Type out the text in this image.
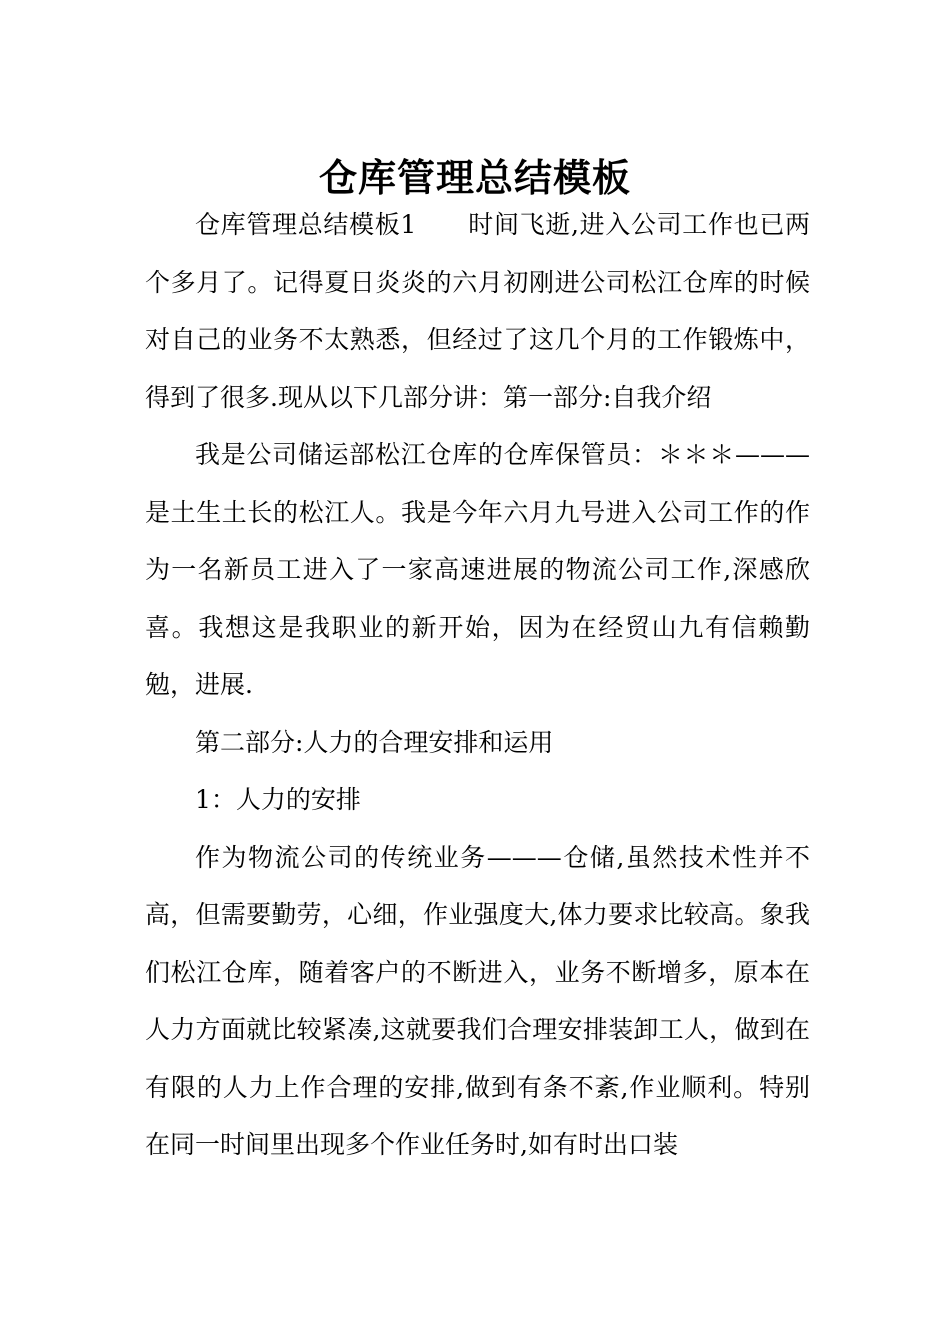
仓库管理总结模板

仓库管理总结模板1　　时间飞逝,进入公司工作也已两个多月了。记得夏日炎炎的六月初刚进公司松江仓库的时候对自己的业务不太熟悉，但经过了这几个月的工作锻炼中，得到了很多.现从以下几部分讲：第一部分:自我介绍

我是公司储运部松江仓库的仓库保管员：＊＊＊———是土生土长的松江人。我是今年六月九号进入公司工作的作为一名新员工进入了一家高速进展的物流公司工作,深感欣喜。我想这是我职业的新开始，因为在经贸山九有信赖勤勉，进展.

第二部分:人力的合理安排和运用

1：人力的安排

作为物流公司的传统业务———仓储,虽然技术性并不高，但需要勤劳，心细，作业强度大,体力要求比较高。象我们松江仓库，随着客户的不断进入，业务不断增多，原本在人力方面就比较紧凑,这就要我们合理安排装卸工人，做到在有限的人力上作合理的安排,做到有条不紊,作业顺利。特别在同一时间里出现多个作业任务时,如有时出口装
